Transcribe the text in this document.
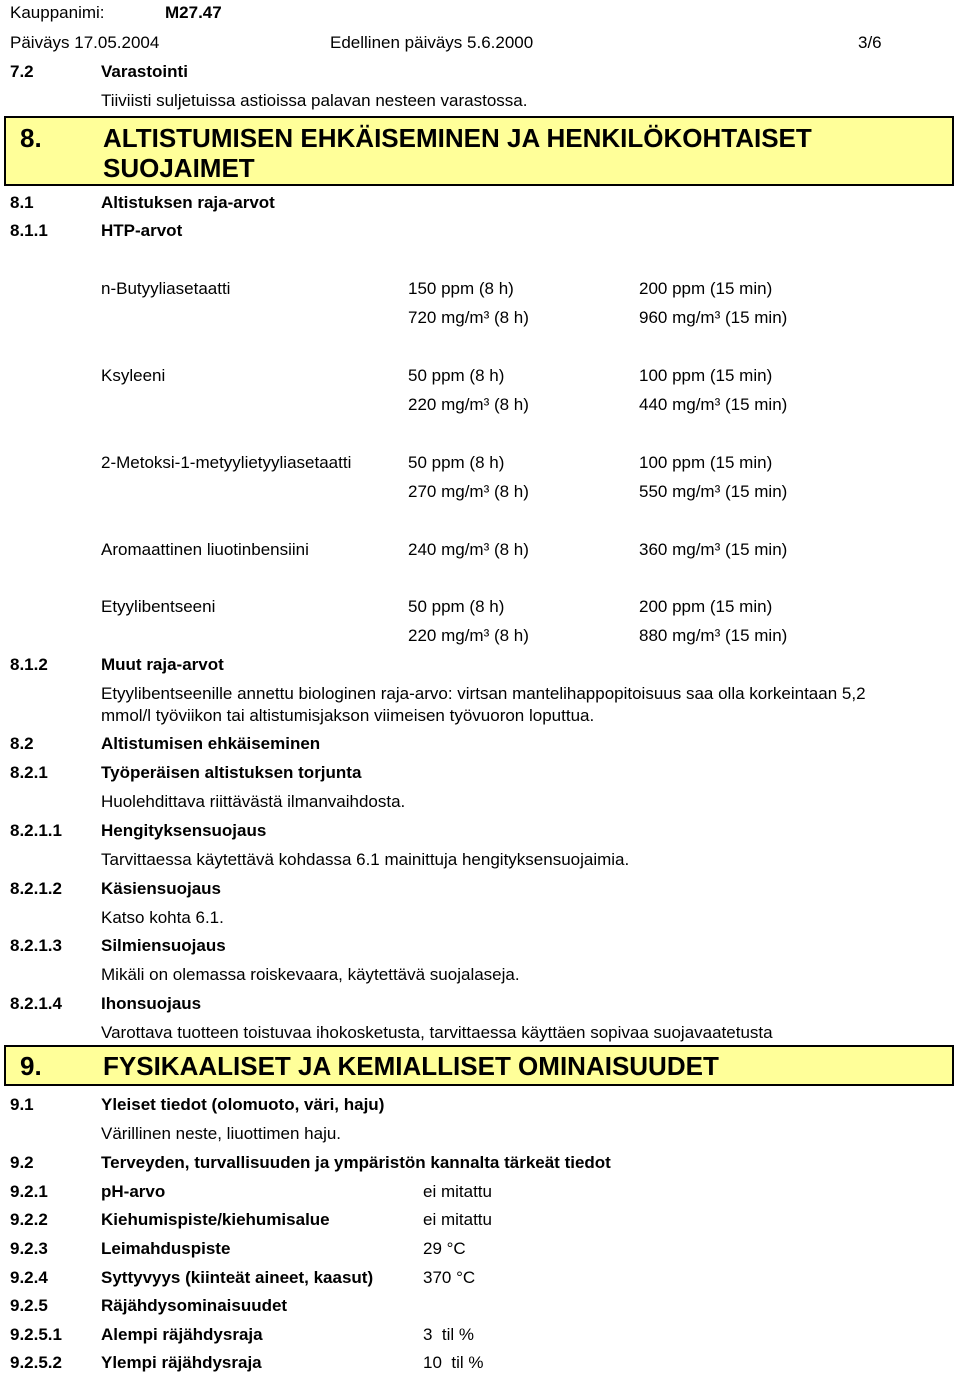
Kauppanimi:	M27.47
Päiväys 17.05.2004	Edellinen päiväys 5.6.2000	3/6
7.2	Varastointi
Tiiviisti suljetuissa astioissa palavan nesteen varastossa.
8. ALTISTUMISEN EHKÄISEMINEN JA HENKILÖKOHTAISET
SUOJAIMET
8.1	Altistuksen raja-arvot
8.1.1	HTP-arvot
n-Butyyliasetaatti	150 ppm (8 h)	200 ppm (15 min)
720 mg/m³ (8 h)	960 mg/m³ (15 min)
Ksyleeni	50 ppm (8 h)	100 ppm (15 min)
220 mg/m³ (8 h)	440 mg/m³ (15 min)
2-Metoksi-1-metyylietyyliasetaatti	50 ppm (8 h)	100 ppm (15 min)
270 mg/m³ (8 h)	550 mg/m³ (15 min)
Aromaattinen liuotinbensiini	240 mg/m³ (8 h)	360 mg/m³ (15 min)
Etyylibentseeni	50 ppm (8 h)	200 ppm (15 min)
220 mg/m³ (8 h)	880 mg/m³ (15 min)
8.1.2	Muut raja-arvot
Etyylibentseenille annettu biologinen raja-arvo: virtsan mantelihappopitoisuus saa olla korkeintaan 5,2
mmol/l työviikon tai altistumisjakson viimeisen työvuoron loputtua.
8.2	Altistumisen ehkäiseminen
8.2.1	Työperäisen altistuksen torjunta
Huolehdittava riittävästä ilmanvaihdosta.
8.2.1.1 Hengityksensuojaus
Tarvittaessa käytettävä kohdassa 6.1 mainittuja hengityksensuojaimia.
8.2.1.2 Käsiensuojaus
Katso kohta 6.1.
8.2.1.3 Silmiensuojaus
Mikäli on olemassa roiskevaara, käytettävä suojalaseja.
8.2.1.4 Ihonsuojaus
Varottava tuotteen toistuvaa ihokosketusta, tarvittaessa käyttäen sopivaa suojavaatetusta
9. FYSIKAALISET JA KEMIALLISET OMINAISUUDET
9.1	Yleiset tiedot (olomuoto, väri, haju)
Värillinen neste, liuottimen haju.
9.2	Terveyden, turvallisuuden ja ympäristön kannalta tärkeät tiedot
9.2.1	pH-arvo	ei mitattu
9.2.2	Kiehumispiste/kiehumisalue	ei mitattu
9.2.3	Leimahduspiste	29 °C
9.2.4	Syttyvyys (kiinteät aineet, kaasut)	370 °C
9.2.5	Räjähdysominaisuudet
9.2.5.1 Alempi räjähdysraja	3  til %
9.2.5.2 Ylempi räjähdysraja	10  til %
